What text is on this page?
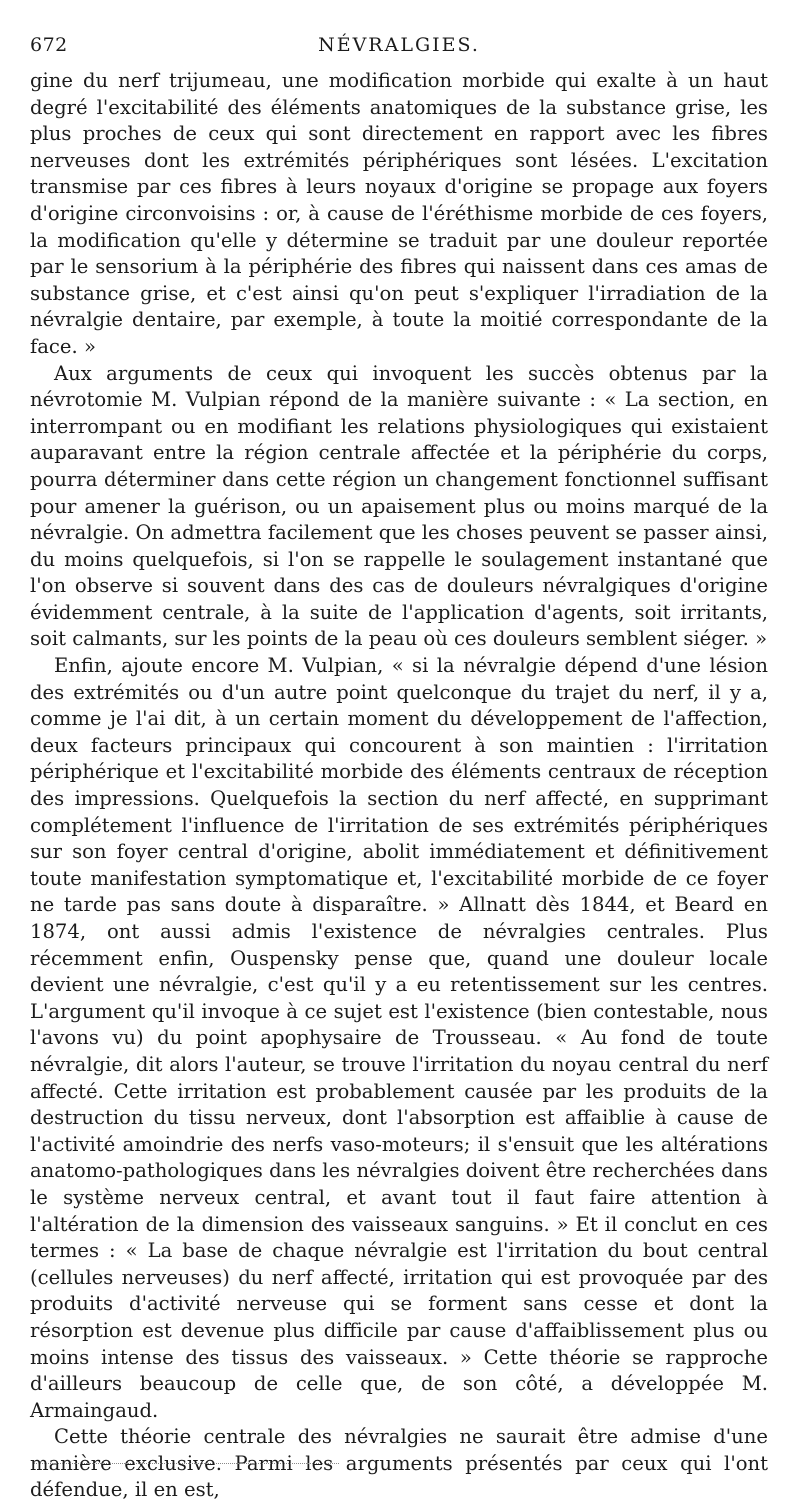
672	NÉVRALGIES.

gine du nerf trijumeau, une modification morbide qui exalte à un haut degré l'excitabilité des éléments anatomiques de la substance grise, les plus proches de ceux qui sont directement en rapport avec les fibres nerveuses dont les extrémités périphériques sont lésées. L'excitation transmise par ces fibres à leurs noyaux d'origine se propage aux foyers d'origine circonvoisins : or, à cause de l'éréthisme morbide de ces foyers, la modification qu'elle y détermine se traduit par une douleur reportée par le sensorium à la périphérie des fibres qui naissent dans ces amas de substance grise, et c'est ainsi qu'on peut s'expliquer l'irradiation de la névralgie dentaire, par exemple, à toute la moitié correspondante de la face. »

Aux arguments de ceux qui invoquent les succès obtenus par la névrotomie M. Vulpian répond de la manière suivante : « La section, en interrompant ou en modifiant les relations physiologiques qui existaient auparavant entre la région centrale affectée et la périphérie du corps, pourra déterminer dans cette région un changement fonctionnel suffisant pour amener la guérison, ou un apaisement plus ou moins marqué de la névralgie. On admettra facilement que les choses peuvent se passer ainsi, du moins quelquefois, si l'on se rappelle le soulagement instantané que l'on observe si souvent dans des cas de douleurs névralgiques d'origine évidemment centrale, à la suite de l'application d'agents, soit irritants, soit calmants, sur les points de la peau où ces douleurs semblent siéger. »

Enfin, ajoute encore M. Vulpian, « si la névralgie dépend d'une lésion des extrémités ou d'un autre point quelconque du trajet du nerf, il y a, comme je l'ai dit, à un certain moment du développement de l'affection, deux facteurs principaux qui concourent à son maintien : l'irritation périphérique et l'excitabilité morbide des éléments centraux de réception des impressions. Quelquefois la section du nerf affecté, en supprimant complétement l'influence de l'irritation de ses extrémités périphériques sur son foyer central d'origine, abolit immédiatement et définitivement toute manifestation symptomatique et, l'excitabilité morbide de ce foyer ne tarde pas sans doute à disparaître. » Allnatt dès 1844, et Beard en 1874, ont aussi admis l'existence de névralgies centrales. Plus récemment enfin, Ouspensky pense que, quand une douleur locale devient une névralgie, c'est qu'il y a eu retentissement sur les centres. L'argument qu'il invoque à ce sujet est l'existence (bien contestable, nous l'avons vu) du point apophysaire de Trousseau. « Au fond de toute névralgie, dit alors l'auteur, se trouve l'irritation du noyau central du nerf affecté. Cette irritation est probablement causée par les produits de la destruction du tissu nerveux, dont l'absorption est affaiblie à cause de l'activité amoindrie des nerfs vaso-moteurs; il s'ensuit que les altérations anatomo-pathologiques dans les névralgies doivent être recherchées dans le système nerveux central, et avant tout il faut faire attention à l'altération de la dimension des vaisseaux sanguins. » Et il conclut en ces termes : « La base de chaque névralgie est l'irritation du bout central (cellules nerveuses) du nerf affecté, irritation qui est provoquée par des produits d'activité nerveuse qui se forment sans cesse et dont la résorption est devenue plus difficile par cause d'affaiblissement plus ou moins intense des tissus des vaisseaux. » Cette théorie se rapproche d'ailleurs beaucoup de celle que, de son côté, a développée M. Armaingaud.

Cette théorie centrale des névralgies ne saurait être admise d'une manière exclusive. Parmi les arguments présentés par ceux qui l'ont défendue, il en est,
